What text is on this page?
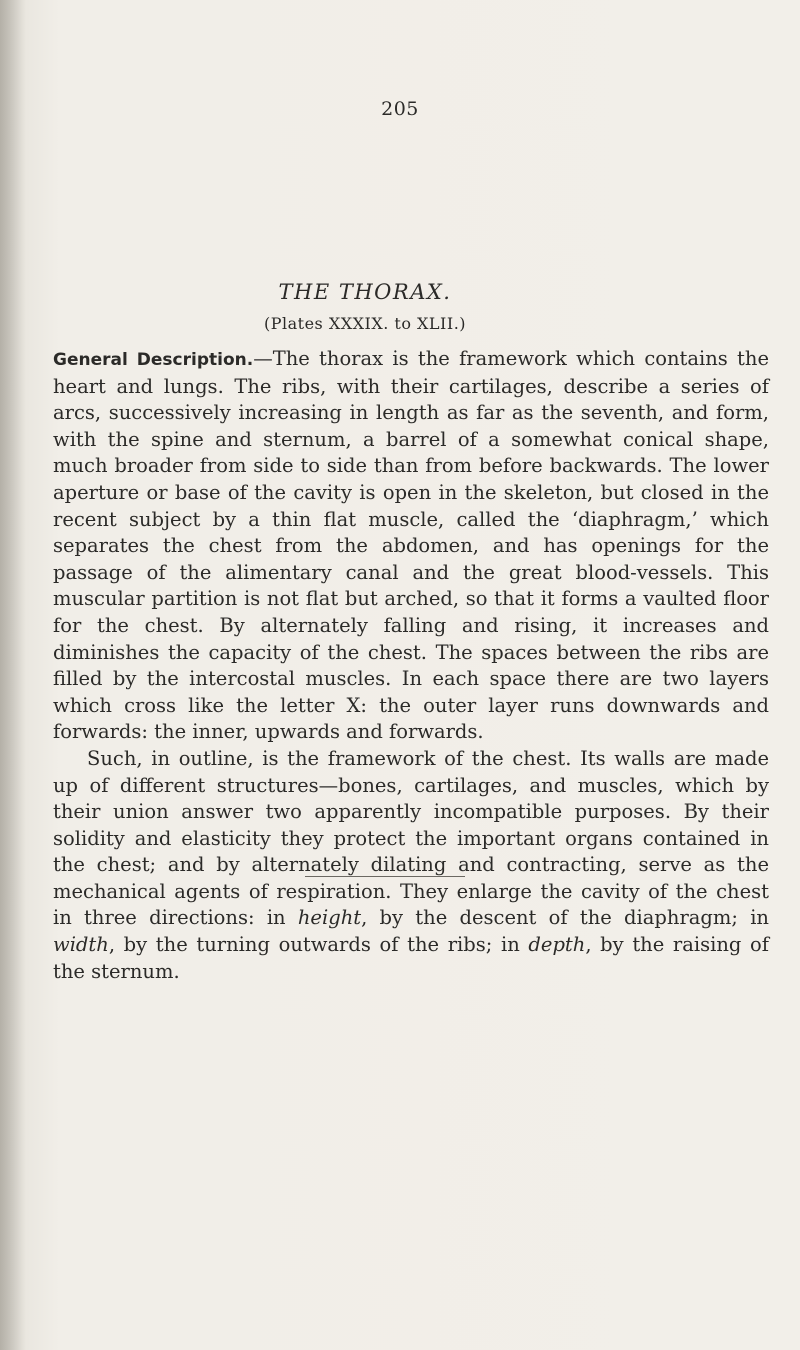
205
THE THORAX.
(Plates XXXIX. to XLII.)

General Description.—The thorax is the framework which contains the heart and lungs. The ribs, with their cartilages, describe a series of arcs, successively increasing in length as far as the seventh, and form, with the spine and sternum, a barrel of a somewhat conical shape, much broader from side to side than from before backwards. The lower aperture or base of the cavity is open in the skeleton, but closed in the recent subject by a thin flat muscle, called the ‘diaphragm,’ which separates the chest from the abdomen, and has openings for the passage of the alimentary canal and the great blood-vessels. This muscular partition is not flat but arched, so that it forms a vaulted floor for the chest. By alternately falling and rising, it increases and diminishes the capacity of the chest. The spaces between the ribs are filled by the intercostal muscles. In each space there are two layers which cross like the letter X: the outer layer runs downwards and forwards: the inner, upwards and forwards.

Such, in outline, is the framework of the chest. Its walls are made up of different structures—bones, cartilages, and muscles, which by their union answer two apparently incompatible purposes. By their solidity and elasticity they protect the important organs contained in the chest; and by alternately dilating and contracting, serve as the mechanical agents of respiration. They enlarge the cavity of the chest in three directions: in height, by the descent of the diaphragm; in width, by the turning outwards of the ribs; in depth, by the raising of the sternum.
